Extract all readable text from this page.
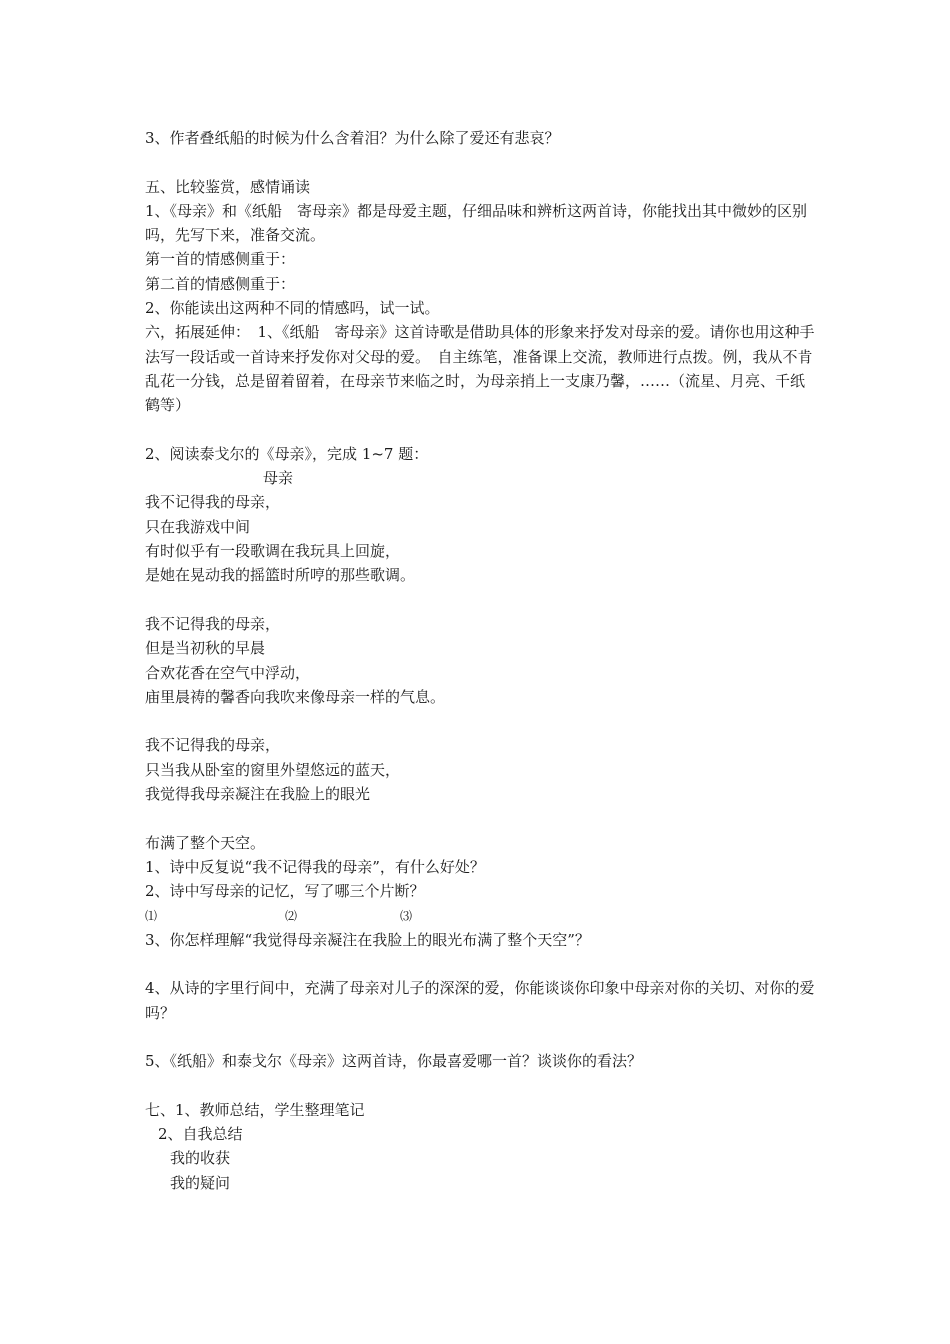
3、作者叠纸船的时候为什么含着泪？为什么除了爱还有悲哀？
五、比较鉴赏，感情诵读
1、《母亲》和《纸船　寄母亲》都是母爱主题，仔细品味和辨析这两首诗，你能找出其中微妙的区别吗，先写下来，准备交流。
第一首的情感侧重于：
第二首的情感侧重于：
2、你能读出这两种不同的情感吗，试一试。
六，拓展延伸：　1、《纸船　寄母亲》这首诗歌是借助具体的形象来抒发对母亲的爱。请你也用这种手法写一段话或一首诗来抒发你对父母的爱。　自主练笔，准备课上交流，教师进行点拨。例，我从不肯乱花一分钱，总是留着留着，在母亲节来临之时，为母亲捎上一支康乃馨，……（流星、月亮、千纸鹤等）
2、阅读泰戈尔的《母亲》，完成 1~7 题：
母亲
我不记得我的母亲，
只在我游戏中间
有时似乎有一段歌调在我玩具上回旋，
是她在晃动我的摇篮时所哼的那些歌调。
我不记得我的母亲，
但是当初秋的早晨
合欢花香在空气中浮动，
庙里晨祷的馨香向我吹来像母亲一样的气息。
我不记得我的母亲，
只当我从卧室的窗里外望悠远的蓝天，
我觉得我母亲凝注在我脸上的眼光
布满了整个天空。
1、诗中反复说“我不记得我的母亲”，有什么好处？
2、诗中写母亲的记忆，写了哪三个片断？
⑴	⑵	⑶
3、你怎样理解“我觉得母亲凝注在我脸上的眼光布满了整个天空”？
4、从诗的字里行间中，充满了母亲对儿子的深深的爱，你能谈谈你印象中母亲对你的关切、对你的爱吗？
5、《纸船》和泰戈尔《母亲》这两首诗，你最喜爱哪一首？谈谈你的看法？
七、1、教师总结，学生整理笔记
2、自我总结
我的收获
我的疑问
